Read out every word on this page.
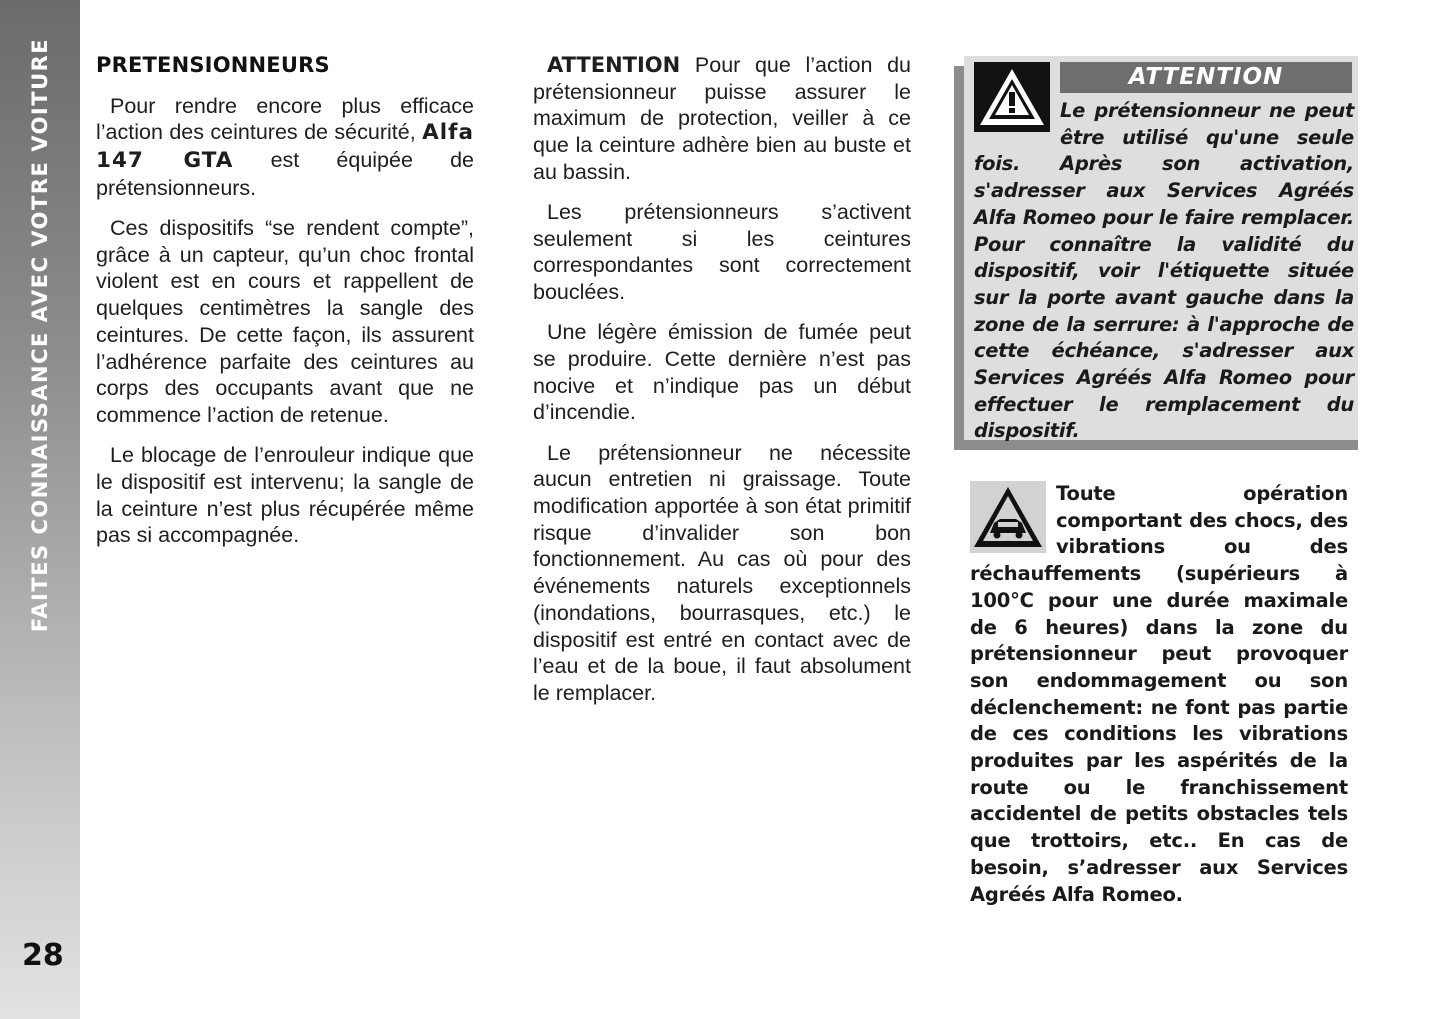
FAITES CONNAISSANCE AVEC VOTRE VOITURE
28
PRETENSIONNEURS

Pour rendre encore plus efficace l’action des ceintures de sécurité, Alfa 147 GTA est équipée de prétensionneurs.

Ces dispositifs “se rendent compte”, grâce à un capteur, qu’un choc frontal violent est en cours et rappellent de quelques centimètres la sangle des ceintures. De cette façon, ils assurent l’adhérence parfaite des ceintures au corps des occupants avant que ne commence l’action de retenue.

Le blocage de l’enrouleur indique que le dispositif est intervenu; la sangle de la ceinture n’est plus récupérée même pas si accompagnée.

ATTENTION Pour que l’action du prétensionneur puisse assurer le maximum de protection, veiller à ce que la ceinture adhère bien au buste et au bassin.

Les prétensionneurs s’activent seulement si les ceintures correspondantes sont correctement bouclées.

Une légère émission de fumée peut se produire. Cette dernière n’est pas nocive et n’indique pas un début d’incendie.

Le prétensionneur ne nécessite aucun entretien ni graissage. Toute modification apportée à son état primitif risque d’invalider son bon fonctionnement. Au cas où pour des événements naturels exceptionnels (inondations, bourrasques, etc.) le dispositif est entré en contact avec de l’eau et de la boue, il faut absolument le remplacer.

ATTENTION
Le prétensionneur ne peut être utilisé qu'une seule fois. Après son activation, s'adresser aux Services Agréés Alfa Romeo pour le faire remplacer. Pour connaître la validité du dispositif, voir l'étiquette située sur la porte avant gauche dans la zone de la serrure: à l'approche de cette échéance, s'adresser aux Services Agréés Alfa Romeo pour effectuer le remplacement du dispositif.
Toute opération comportant des chocs, des vibrations ou des réchauffements (supérieurs à 100°C pour une durée maximale de 6 heures) dans la zone du prétensionneur peut provoquer son endommagement ou son déclenchement: ne font pas partie de ces conditions les vibrations produites par les aspérités de la route ou le franchissement accidentel de petits obstacles tels que trottoirs, etc.. En cas de besoin, s’adresser aux Services Agréés Alfa Romeo.
